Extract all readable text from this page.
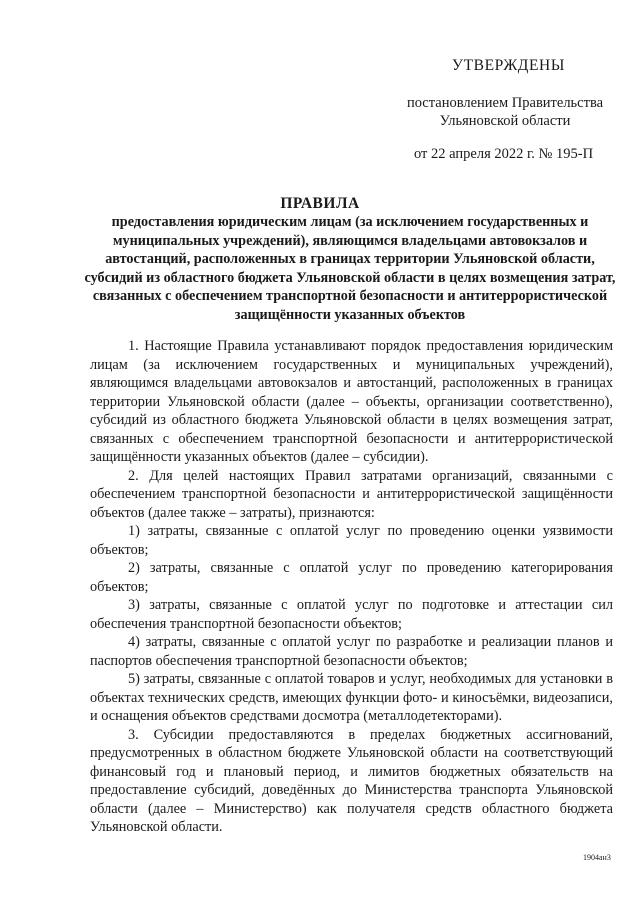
УТВЕРЖДЕНЫ
постановлением Правительства
Ульяновской области
от 22 апреля 2022 г. № 195-П
ПРАВИЛА
предоставления юридическим лицам (за исключением государственных и муниципальных учреждений), являющимся владельцами автовокзалов и автостанций, расположенных в границах территории Ульяновской области, субсидий из областного бюджета Ульяновской области в целях возмещения затрат, связанных с обеспечением транспортной безопасности и антитеррористической защищённости указанных объектов

1. Настоящие Правила устанавливают порядок предоставления юридическим лицам (за исключением государственных и муниципальных учреждений), являющимся владельцами автовокзалов и автостанций, расположенных в границах территории Ульяновской области (далее – объекты, организации соответственно), субсидий из областного бюджета Ульяновской области в целях возмещения затрат, связанных с обеспечением транспортной безопасности и антитеррористической защищённости указанных объектов (далее – субсидии).

2. Для целей настоящих Правил затратами организаций, связанными с обеспечением транспортной безопасности и антитеррористической защищённости объектов (далее также – затраты), признаются:

1) затраты, связанные с оплатой услуг по проведению оценки уязвимости объектов;

2) затраты, связанные с оплатой услуг по проведению категорирования объектов;

3) затраты, связанные с оплатой услуг по подготовке и аттестации сил обеспечения транспортной безопасности объектов;

4) затраты, связанные с оплатой услуг по разработке и реализации планов и паспортов обеспечения транспортной безопасности объектов;

5) затраты, связанные с оплатой товаров и услуг, необходимых для установки в объектах технических средств, имеющих функции фото- и киносъёмки, видеозаписи, и оснащения объектов средствами досмотра (металлодетекторами).

3. Субсидии предоставляются в пределах бюджетных ассигнований, предусмотренных в областном бюджете Ульяновской области на соответствующий финансовый год и плановый период, и лимитов бюджетных обязательств на предоставление субсидий, доведённых до Министерства транспорта Ульяновской области (далее – Министерство) как получателя средств областного бюджета Ульяновской области.

1904ан3
